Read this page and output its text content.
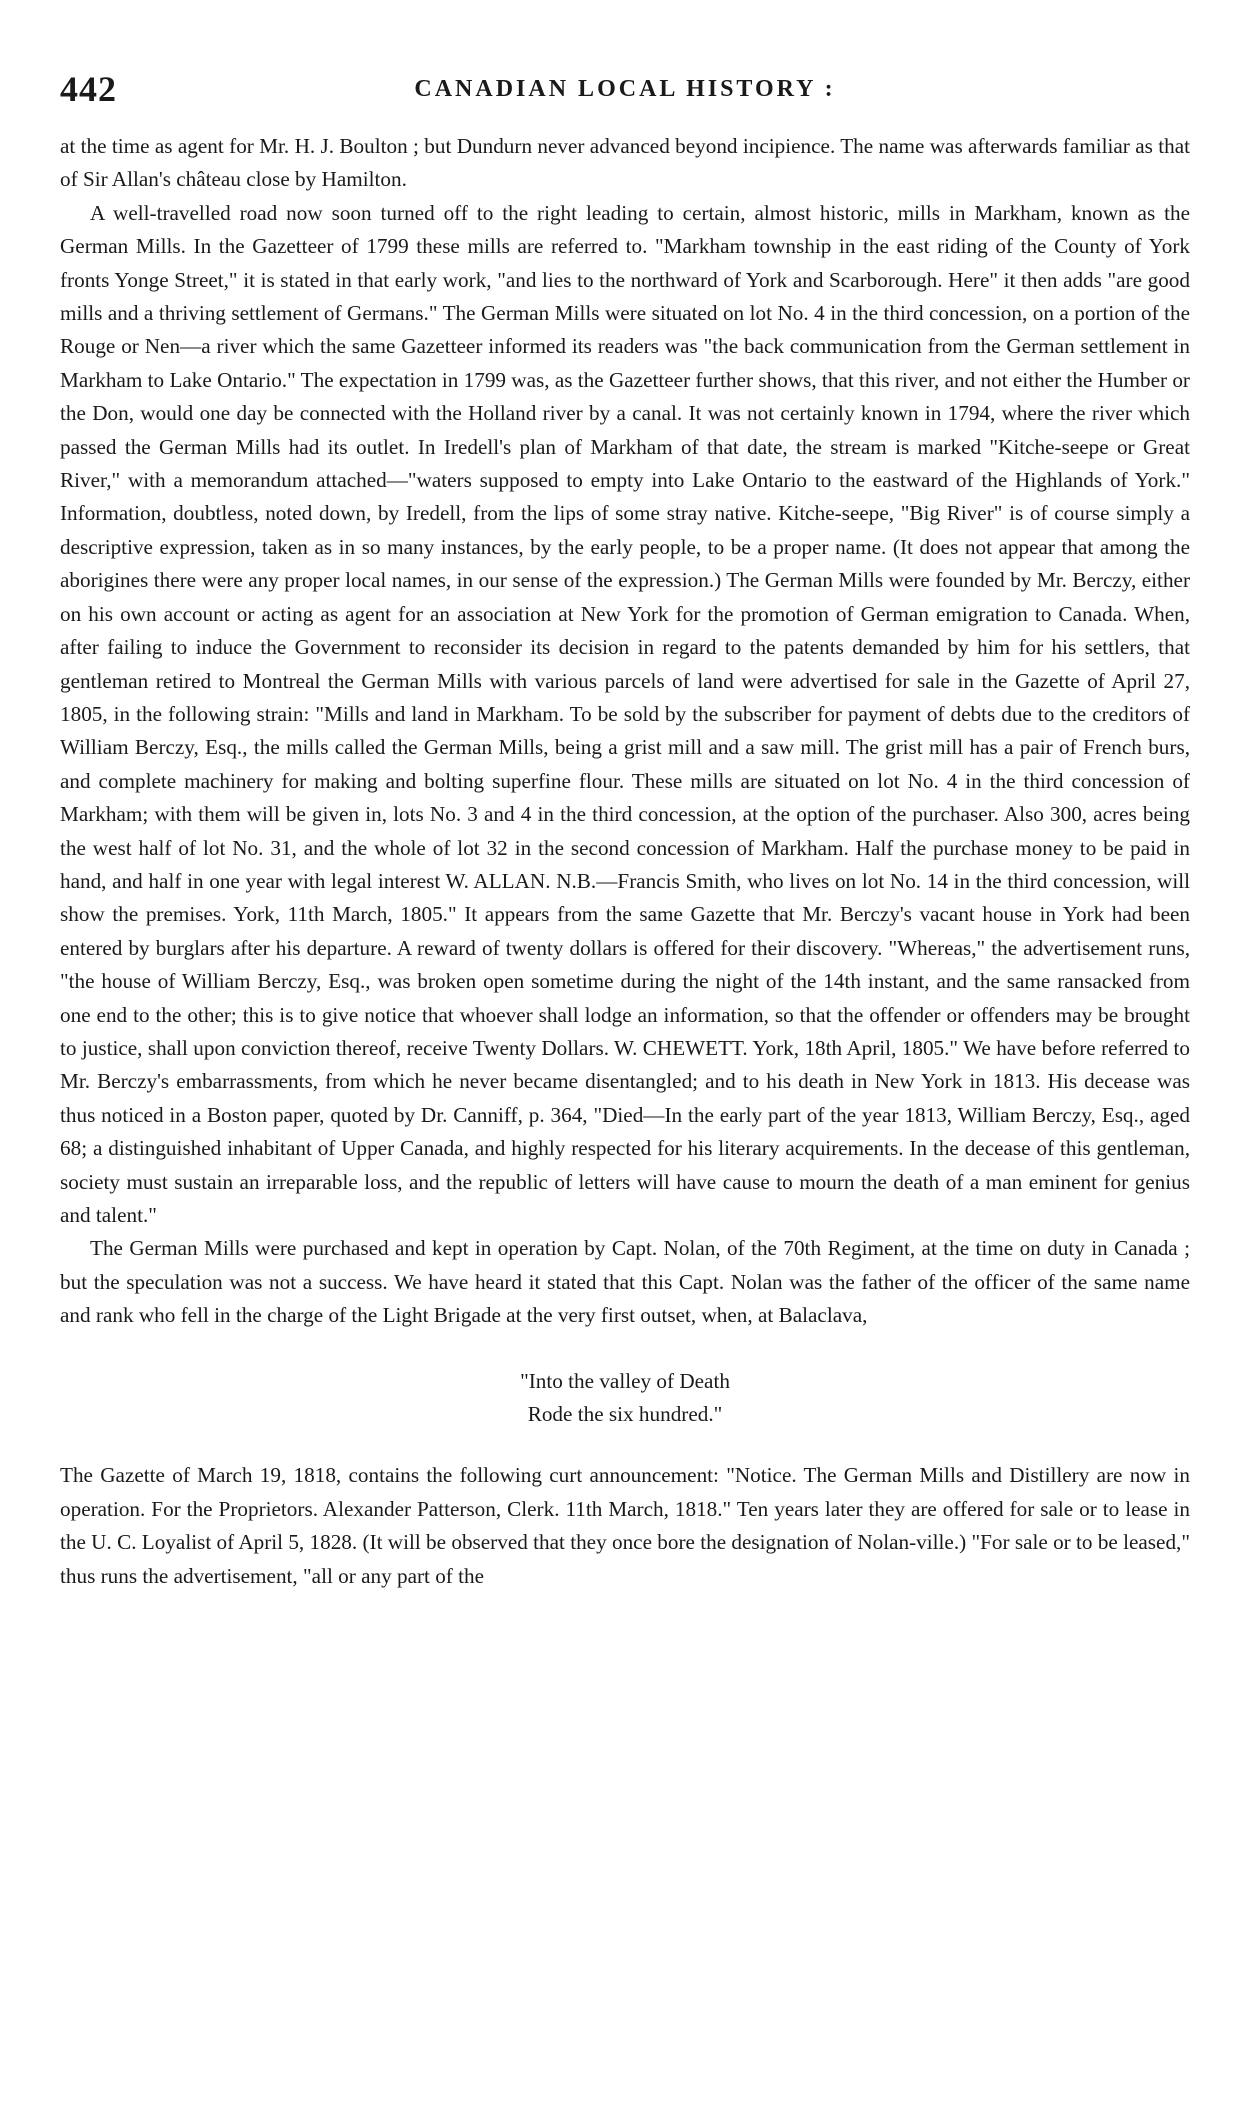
442	CANADIAN LOCAL HISTORY :

at the time as agent for Mr. H. J. Boulton ; but Dundurn never advanced beyond incipience. The name was afterwards familiar as that of Sir Allan's château close by Hamilton.

A well-travelled road now soon turned off to the right leading to certain, almost historic, mills in Markham, known as the German Mills. In the Gazetteer of 1799 these mills are referred to. "Markham township in the east riding of the County of York fronts Yonge Street," it is stated in that early work, "and lies to the northward of York and Scarborough. Here" it then adds "are good mills and a thriving settlement of Germans." The German Mills were situated on lot No. 4 in the third concession, on a portion of the Rouge or Nen—a river which the same Gazetteer informed its readers was "the back communication from the German settlement in Markham to Lake Ontario." The expectation in 1799 was, as the Gazetteer further shows, that this river, and not either the Humber or the Don, would one day be connected with the Holland river by a canal. It was not certainly known in 1794, where the river which passed the German Mills had its outlet. In Iredell's plan of Markham of that date, the stream is marked "Kitche-seepe or Great River," with a memorandum attached—"waters supposed to empty into Lake Ontario to the eastward of the Highlands of York." Information, doubtless, noted down, by Iredell, from the lips of some stray native. Kitche-seepe, "Big River" is of course simply a descriptive expression, taken as in so many instances, by the early people, to be a proper name. (It does not appear that among the aborigines there were any proper local names, in our sense of the expression.) The German Mills were founded by Mr. Berczy, either on his own account or acting as agent for an association at New York for the promotion of German emigration to Canada. When, after failing to induce the Government to reconsider its decision in regard to the patents demanded by him for his settlers, that gentleman retired to Montreal the German Mills with various parcels of land were advertised for sale in the Gazette of April 27, 1805, in the following strain: "Mills and land in Markham. To be sold by the subscriber for payment of debts due to the creditors of William Berczy, Esq., the mills called the German Mills, being a grist mill and a saw mill. The grist mill has a pair of French burs, and complete machinery for making and bolting superfine flour. These mills are situated on lot No. 4 in the third concession of Markham; with them will be given in, lots No. 3 and 4 in the third concession, at the option of the purchaser. Also 300, acres being the west half of lot No. 31, and the whole of lot 32 in the second concession of Markham. Half the purchase money to be paid in hand, and half in one year with legal interest W. ALLAN. N.B.—Francis Smith, who lives on lot No. 14 in the third concession, will show the premises. York, 11th March, 1805." It appears from the same Gazette that Mr. Berczy's vacant house in York had been entered by burglars after his departure. A reward of twenty dollars is offered for their discovery. "Whereas," the advertisement runs, "the house of William Berczy, Esq., was broken open sometime during the night of the 14th instant, and the same ransacked from one end to the other; this is to give notice that whoever shall lodge an information, so that the offender or offenders may be brought to justice, shall upon conviction thereof, receive Twenty Dollars. W. CHEWETT. York, 18th April, 1805." We have before referred to Mr. Berczy's embarrassments, from which he never became disentangled; and to his death in New York in 1813. His decease was thus noticed in a Boston paper, quoted by Dr. Canniff, p. 364, "Died—In the early part of the year 1813, William Berczy, Esq., aged 68; a distinguished inhabitant of Upper Canada, and highly respected for his literary acquirements. In the decease of this gentleman, society must sustain an irreparable loss, and the republic of letters will have cause to mourn the death of a man eminent for genius and talent."

The German Mills were purchased and kept in operation by Capt. Nolan, of the 70th Regiment, at the time on duty in Canada ; but the speculation was not a success. We have heard it stated that this Capt. Nolan was the father of the officer of the same name and rank who fell in the charge of the Light Brigade at the very first outset, when, at Balaclava,

"Into the valley of Death
Rode the six hundred."

The Gazette of March 19, 1818, contains the following curt announcement: "Notice. The German Mills and Distillery are now in operation. For the Proprietors. Alexander Patterson, Clerk. 11th March, 1818." Ten years later they are offered for sale or to lease in the U. C. Loyalist of April 5, 1828. (It will be observed that they once bore the designation of Nolan-ville.) "For sale or to be leased," thus runs the advertisement, "all or any part of the
